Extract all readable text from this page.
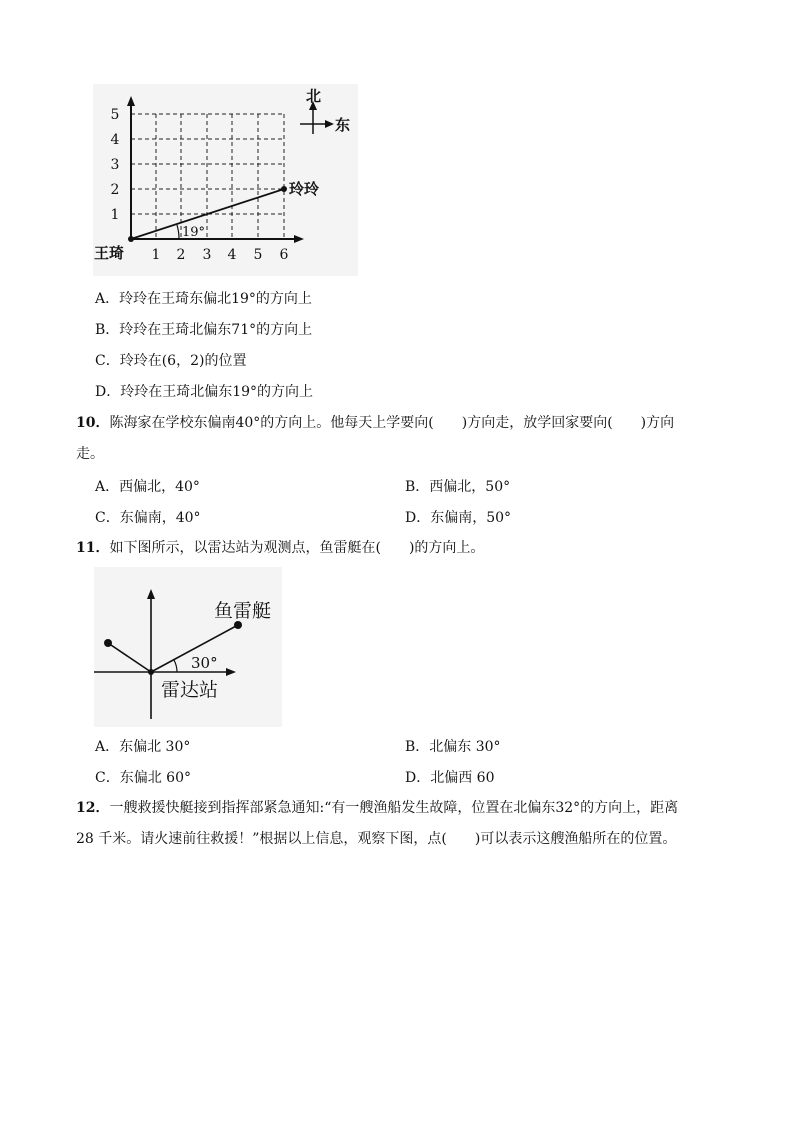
19°
5
4
3
2
1
1 2 3 4 5 6
王琦
玲玲
北
东
A．玲玲在王琦东偏北19°的方向上
B．玲玲在王琦北偏东71°的方向上
C．玲玲在(6，2)的位置
D．玲玲在王琦北偏东19°的方向上
10．陈海家在学校东偏南40°的方向上。他每天上学要向(　　)方向走，放学回家要向(　　)方向
走。
A．西偏北，40°	B．西偏北，50°
C．东偏南，40°	D．东偏南，50°
11．如下图所示，以雷达站为观测点，鱼雷艇在(　　)的方向上。
鱼雷艇
30°
雷达站
A．东偏北 30°	B．北偏东 30°
C．东偏北 60°	D．北偏西 60
12．一艘救援快艇接到指挥部紧急通知:“有一艘渔船发生故障，位置在北偏东32°的方向上，距离
28 千米。请火速前往救援！”根据以上信息，观察下图，点(　　)可以表示这艘渔船所在的位置。
